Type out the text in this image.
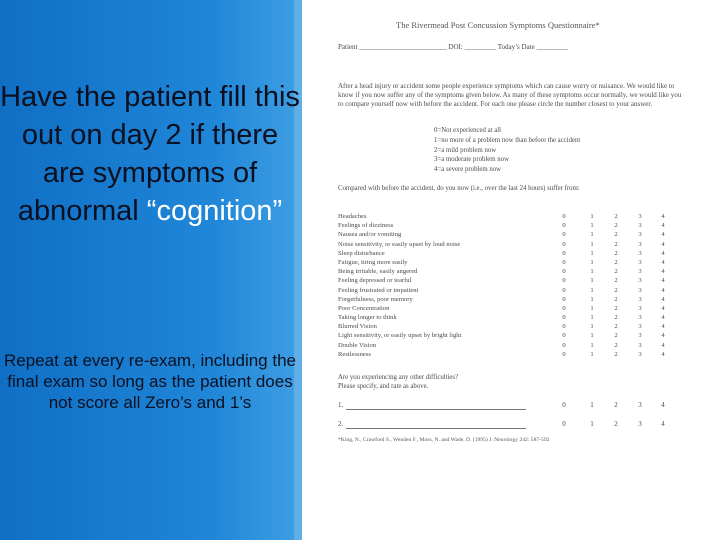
Have the patient fill this out on day 2 if there are symptoms of abnormal “cognition”
Repeat at every re-exam, including the final exam so long as the patient does not score all Zero’s and 1’s
The Rivermead Post Concussion Symptoms Questionnaire*
Patient _________________________ DOI: _________ Today’s Date _________
After a head injury or accident some people experience symptoms which can cause worry or nuisance. We would like to know if you now suffer any of the symptoms given below. As many of these symptoms occur normally, we would like you to compare yourself now with before the accident. For each one please circle the number closest to your answer.
0=Not experienced at all
1=no more of a problem now than before the accident
2=a mild problem now
3=a moderate problem now
4=a severe problem now
Compared with before the accident, do you now (i.e., over the last 24 hours) suffer from:
Headaches	0	1	2	3	4
Feelings of dizziness	0	1	2	3	4
Nausea and/or vomiting	0	1	2	3	4
Noise sensitivity, or easily upset by loud noise	0	1	2	3	4
Sleep disturbance	0	1	2	3	4
Fatigue, tiring more easily	0	1	2	3	4
Being irritable, easily angered	0	1	2	3	4
Feeling depressed or tearful	0	1	2	3	4
Feeling frustrated or impatient	0	1	2	3	4
Forgetfulness, poor memory	0	1	2	3	4
Poor Concentration	0	1	2	3	4
Taking longer to think	0	1	2	3	4
Blurred Vision	0	1	2	3	4
Light sensitivity, or easily upset by bright light	0	1	2	3	4
Double Vision	0	1	2	3	4
Restlessness	0	1	2	3	4
Are you experiencing any other difficulties?
Please specify, and rate as above.
1.	0	1	2	3	4
2.	0	1	2	3	4
*King, N., Crawford S., Wenden F., Moss, N. and Wade, D. (1995) J. Neurology 242: 587-592
